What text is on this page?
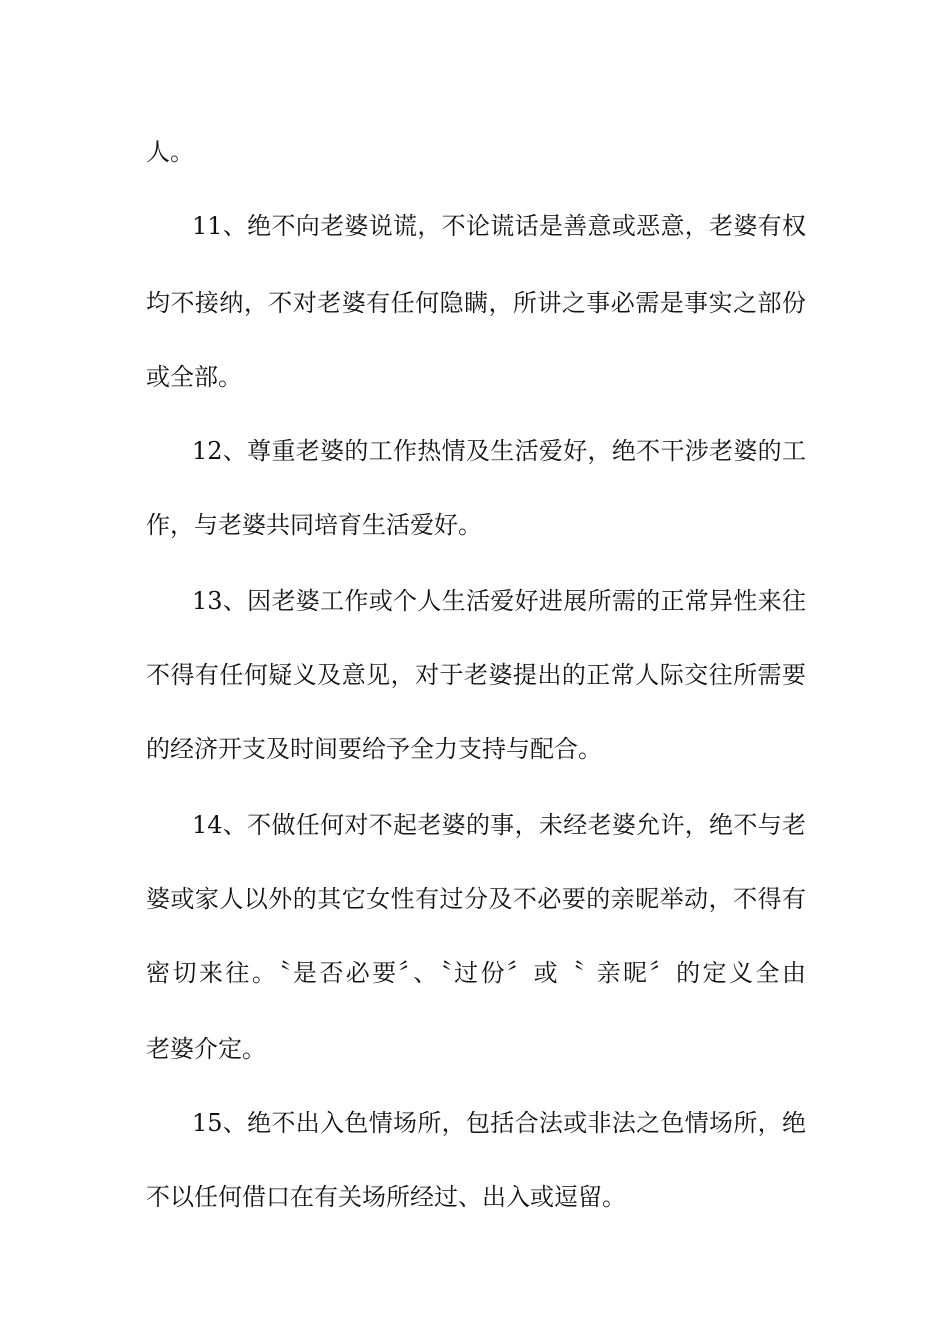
人。
11、绝不向老婆说谎，不论谎话是善意或恶意，老婆有权
均不接纳，不对老婆有任何隐瞒，所讲之事必需是事实之部份
或全部。
12、尊重老婆的工作热情及生活爱好，绝不干涉老婆的工
作，与老婆共同培育生活爱好。
13、因老婆工作或个人生活爱好进展所需的正常异性来往
不得有任何疑义及意见，对于老婆提出的正常人际交往所需要
的经济开支及时间要给予全力支持与配合。
14、不做任何对不起老婆的事，未经老婆允许，绝不与老
婆或家人以外的其它女性有过分及不必要的亲昵举动，不得有
密切来往。〝是否必要〞、〝过份〞或〝 亲昵〞的定义全由
老婆介定。
15、绝不出入色情场所，包括合法或非法之色情场所，绝
不以任何借口在有关场所经过、出入或逗留。
